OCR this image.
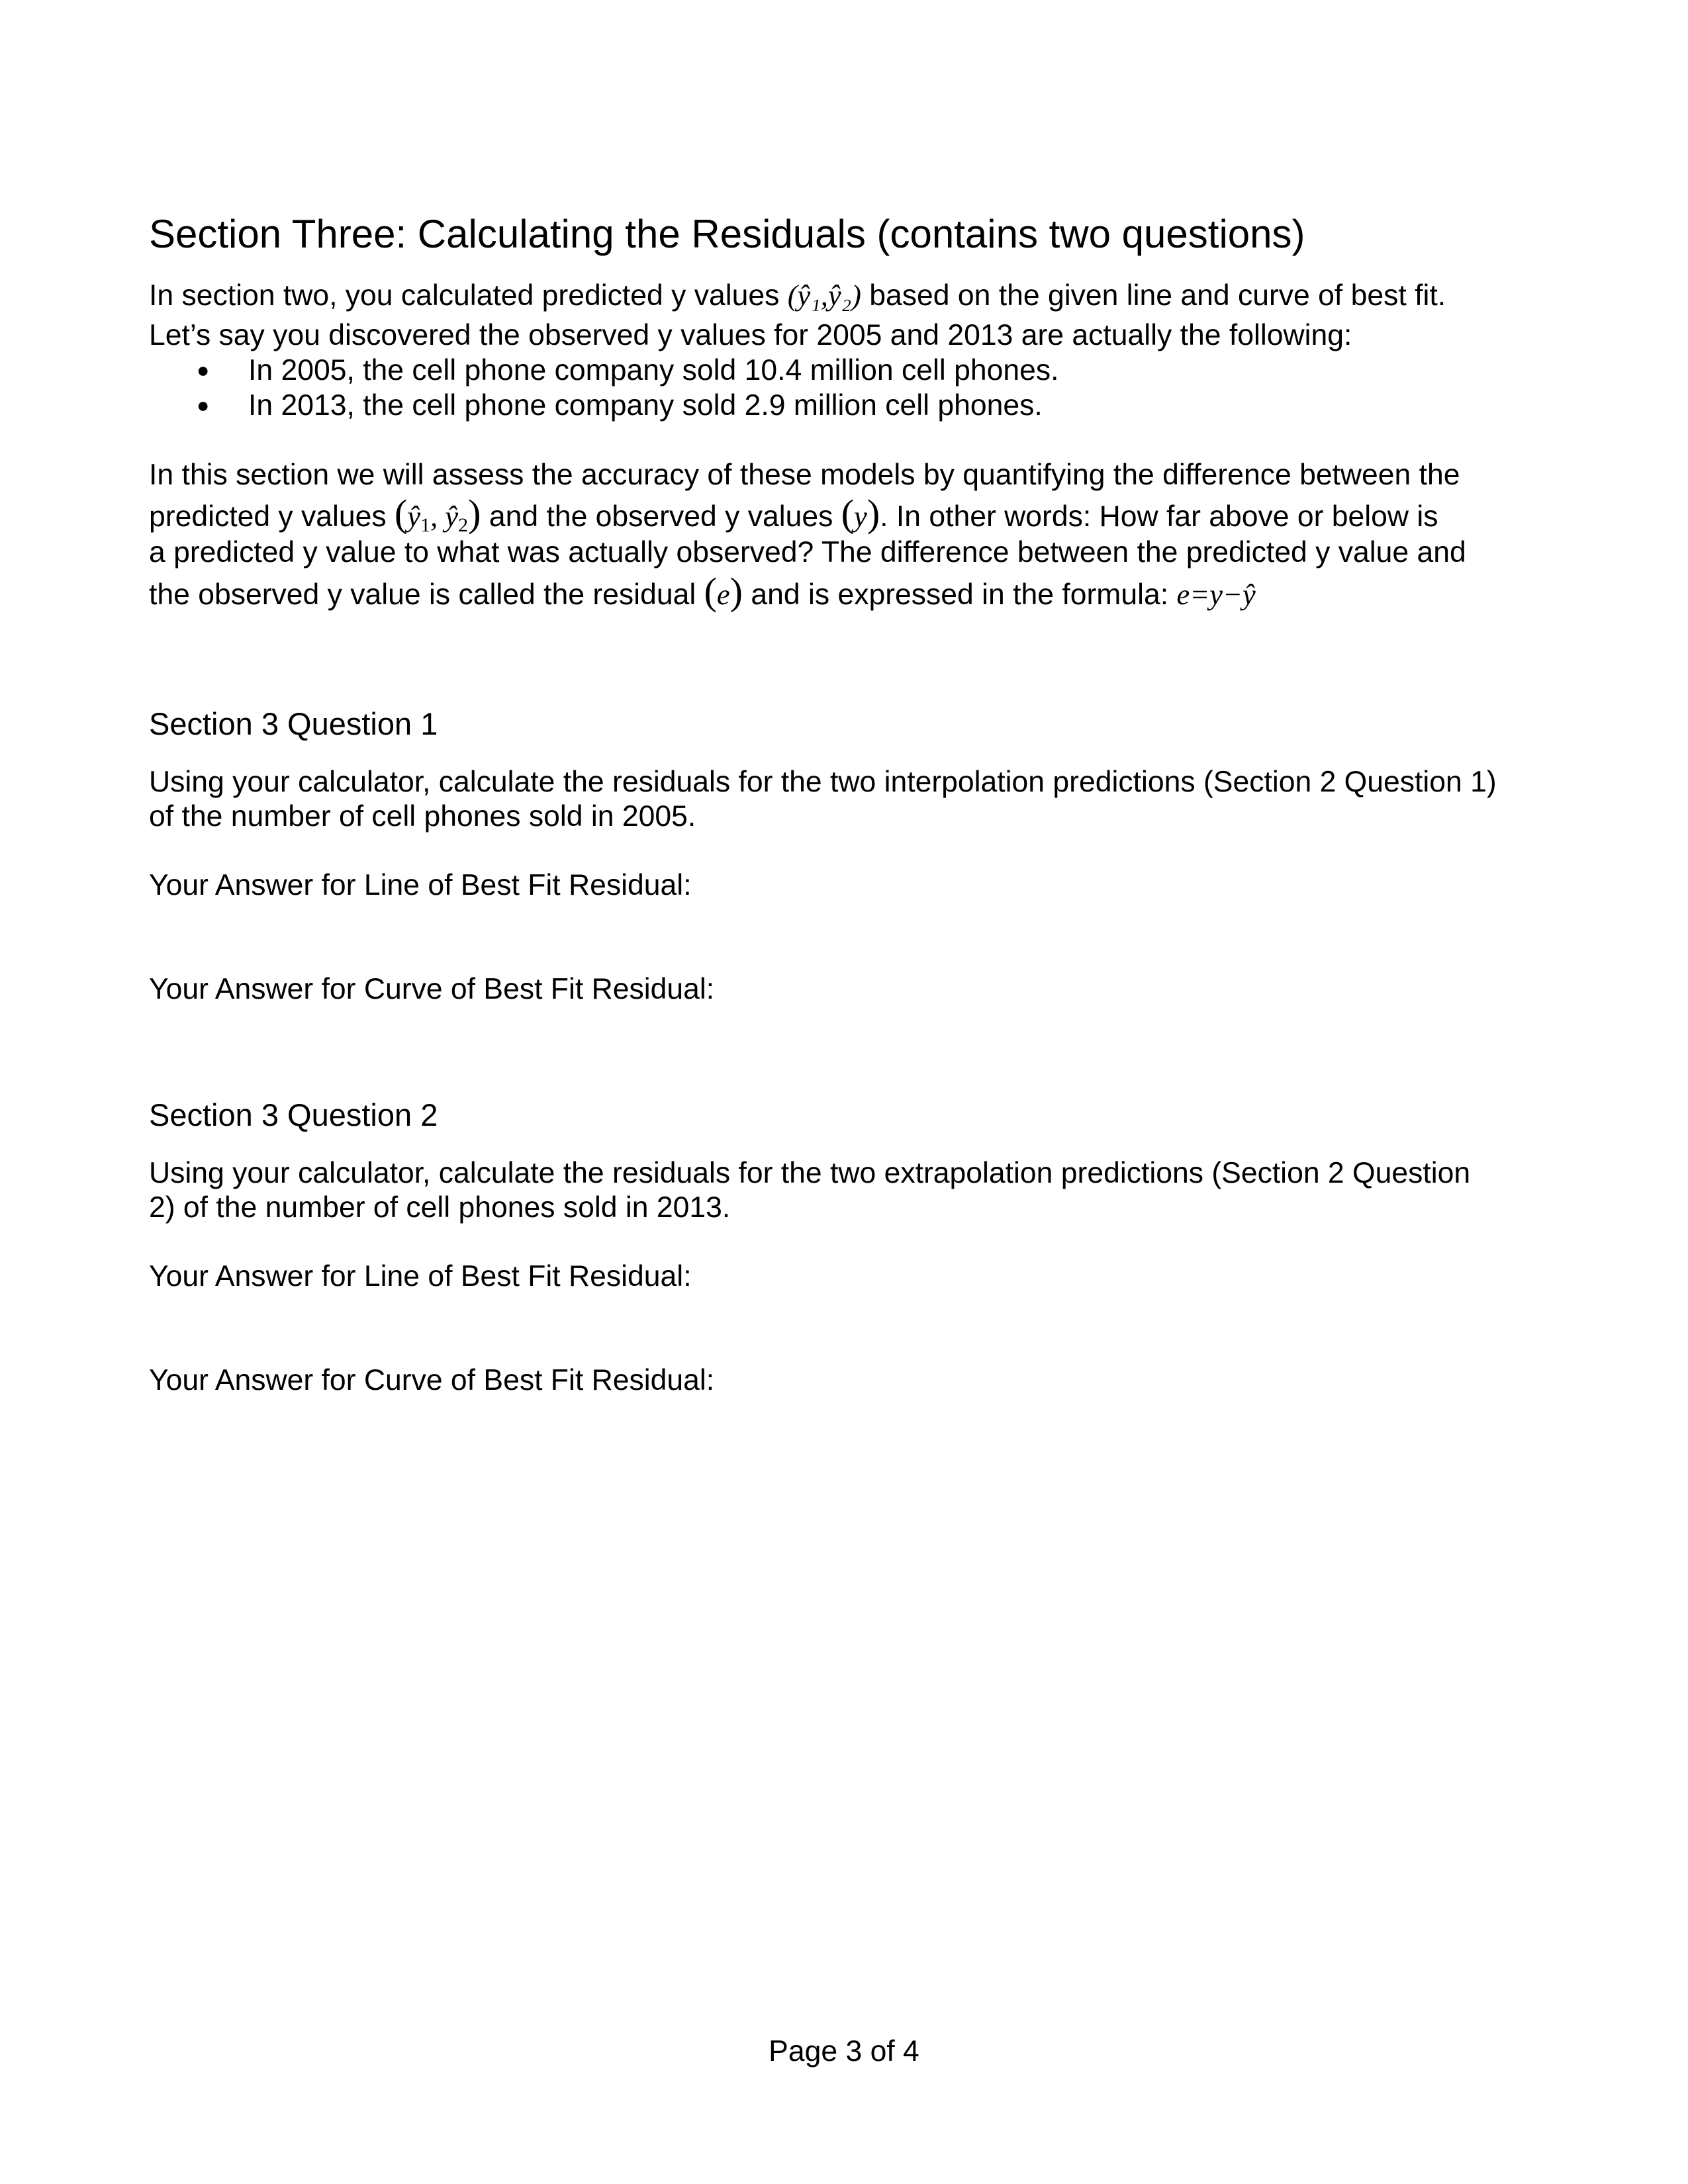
Section Three: Calculating the Residuals (contains two questions)
In section two, you calculated predicted y values (ŷ₁,ŷ₂) based on the given line and curve of best fit.
Let’s say you discovered the observed y values for 2005 and 2013 are actually the following:
● In 2005, the cell phone company sold 10.4 million cell phones.
● In 2013, the cell phone company sold 2.9 million cell phones.
In this section we will assess the accuracy of these models by quantifying the difference between the
predicted y values ($ŷ_1$, $ŷ_2$) and the observed y values (y). In other words: How far above or below is
a predicted y value to what was actually observed? The difference between the predicted y value and
the observed y value is called the residual (e) and is expressed in the formula: e=y−ŷ
Section 3 Question 1
Using your calculator, calculate the residuals for the two interpolation predictions (Section 2 Question 1)
of the number of cell phones sold in 2005.
Your Answer for Line of Best Fit Residual:
Your Answer for Curve of Best Fit Residual:
Section 3 Question 2
Using your calculator, calculate the residuals for the two extrapolation predictions (Section 2 Question
2) of the number of cell phones sold in 2013.
Your Answer for Line of Best Fit Residual:
Your Answer for Curve of Best Fit Residual:
Page 3 of 4
